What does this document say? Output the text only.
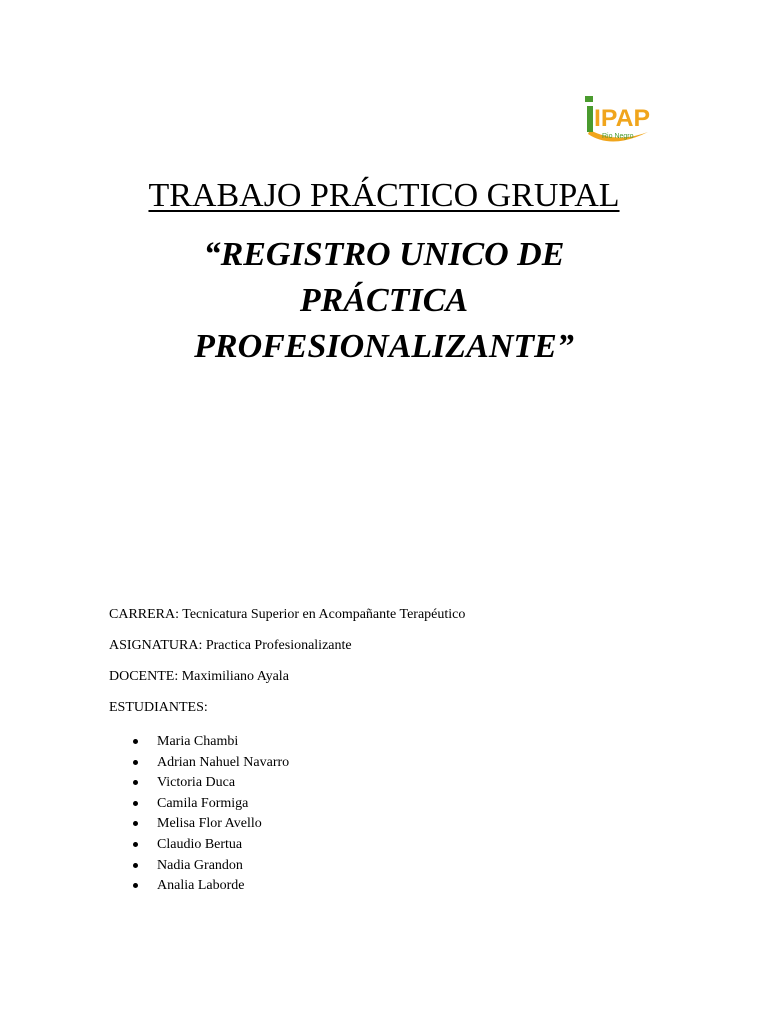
IPAP
Rio Negro
TRABAJO PRÁCTICO GRUPAL
“REGISTRO UNICO DE
PRÁCTICA
PROFESIONALIZANTE”
CARRERA: Tecnicatura Superior en Acompañante Terapéutico
ASIGNATURA: Practica Profesionalizante
DOCENTE: Maximiliano Ayala
ESTUDIANTES:
Maria Chambi
Adrian Nahuel Navarro
Victoria Duca
Camila Formiga
Melisa Flor Avello
Claudio Bertua
Nadia Grandon
Analia Laborde
